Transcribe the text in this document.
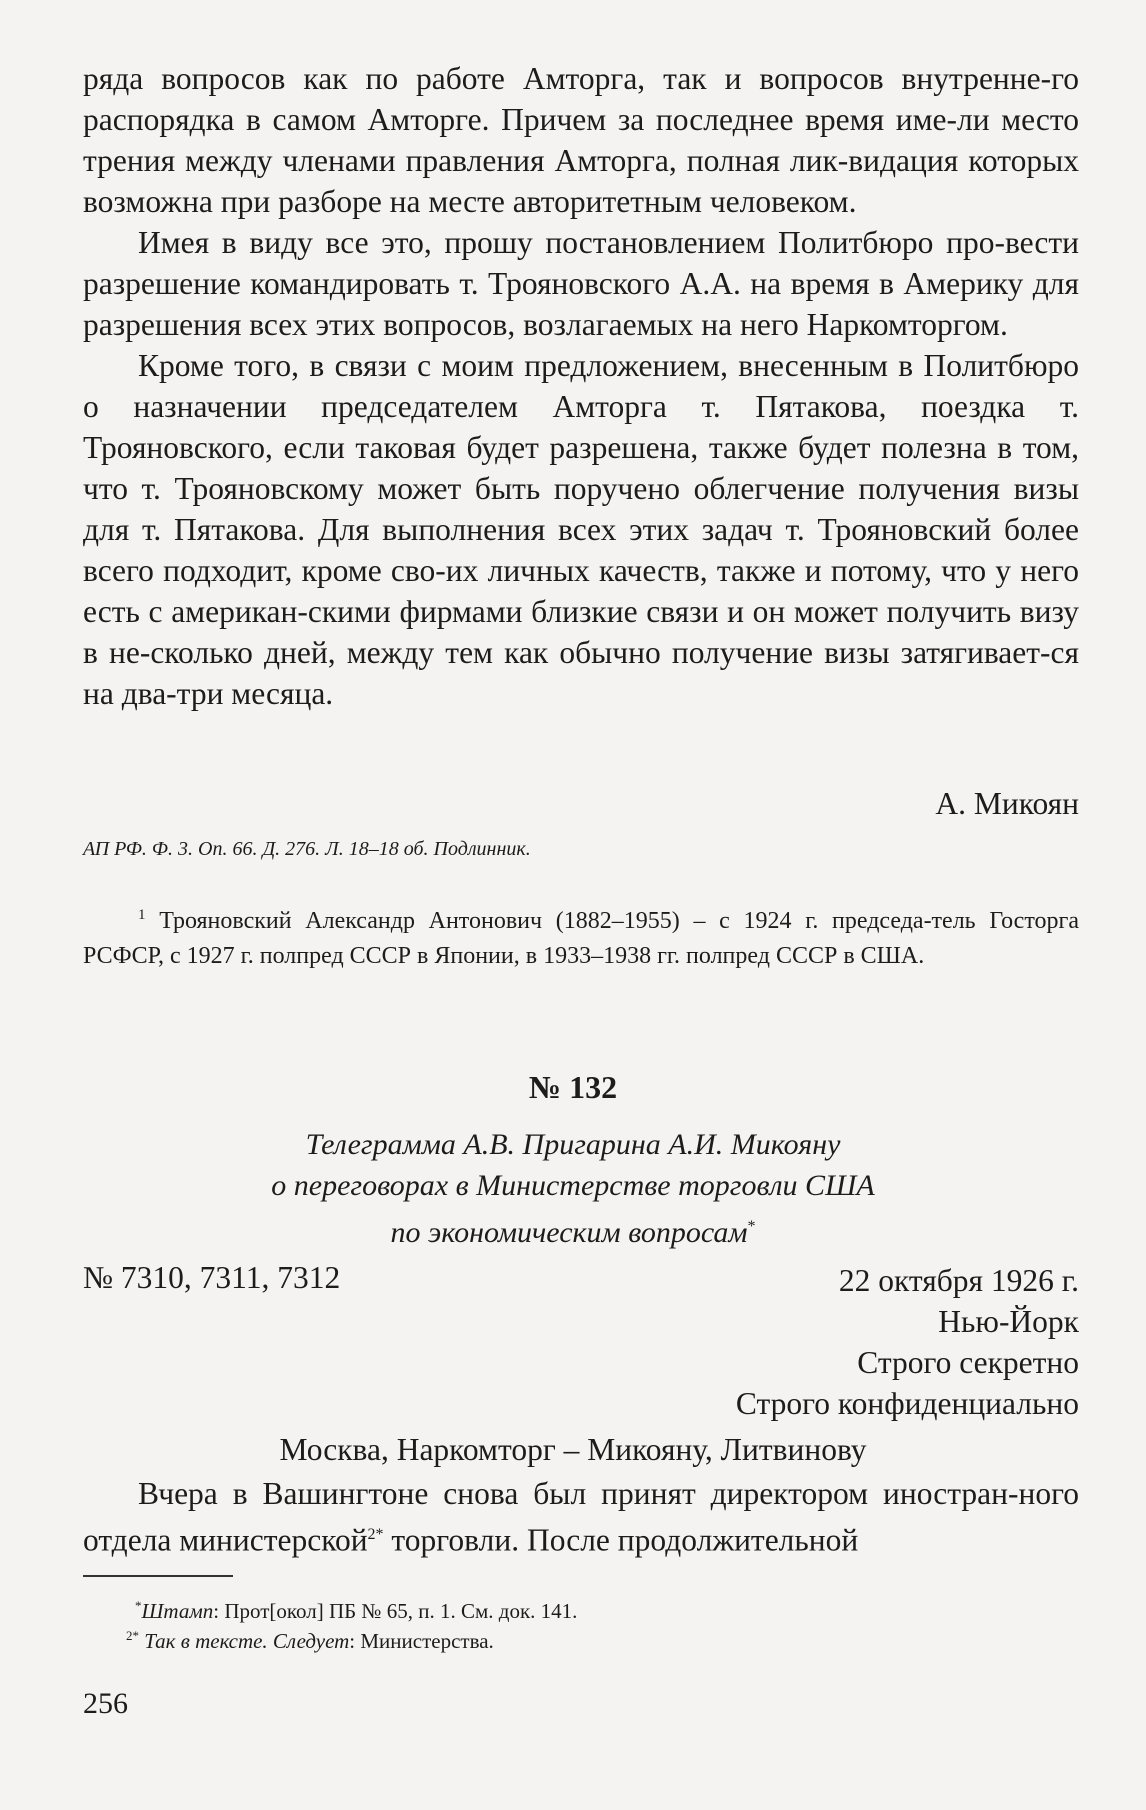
ряда вопросов как по работе Амторга, так и вопросов внутренне-го распорядка в самом Амторге. Причем за последнее время име-ли место трения между членами правления Амторга, полная лик-видация которых возможна при разборе на месте авторитетным человеком.

Имея в виду все это, прошу постановлением Политбюро про-вести разрешение командировать т. Трояновского А.А. на время в Америку для разрешения всех этих вопросов, возлагаемых на него Наркомторгом.

Кроме того, в связи с моим предложением, внесенным в Политбюро о назначении председателем Амторга т. Пятакова, поездка т. Трояновского, если таковая будет разрешена, также будет полезна в том, что т. Трояновскому может быть поручено облегчение получения визы для т. Пятакова. Для выполнения всех этих задач т. Трояновский более всего подходит, кроме сво-их личных качеств, также и потому, что у него есть с американ-скими фирмами близкие связи и он может получить визу в не-сколько дней, между тем как обычно получение визы затягивает-ся на два-три месяца.

А. Микоян
АП РФ. Ф. 3. Оп. 66. Д. 276. Л. 18–18 об. Подлинник.
$^1$ Трояновский Александр Антонович (1882–1955) – с 1924 г. председа-тель Госторга РСФСР, с 1927 г. полпред СССР в Японии, в 1933–1938 гг. полпред СССР в США.
№ 132
Телеграмма А.В. Пригарина А.И. Микояну
о переговорах в Министерстве торговли США
по экономическим вопросам*
№ 7310, 7311, 7312	22 октября 1926 г.
Нью-Йорк
Строго секретно
Строго конфиденциально
Москва, Наркомторг – Микояну, Литвинову

Вчера в Вашингтоне снова был принят директором иностран-ного отдела министерской$^{2*}$ торговли. После продолжительной

*Штамп: Прот[окол] ПБ № 65, п. 1. См. док. 141.
$^{2*}$ Так в тексте. Следует: Министерства.
256
